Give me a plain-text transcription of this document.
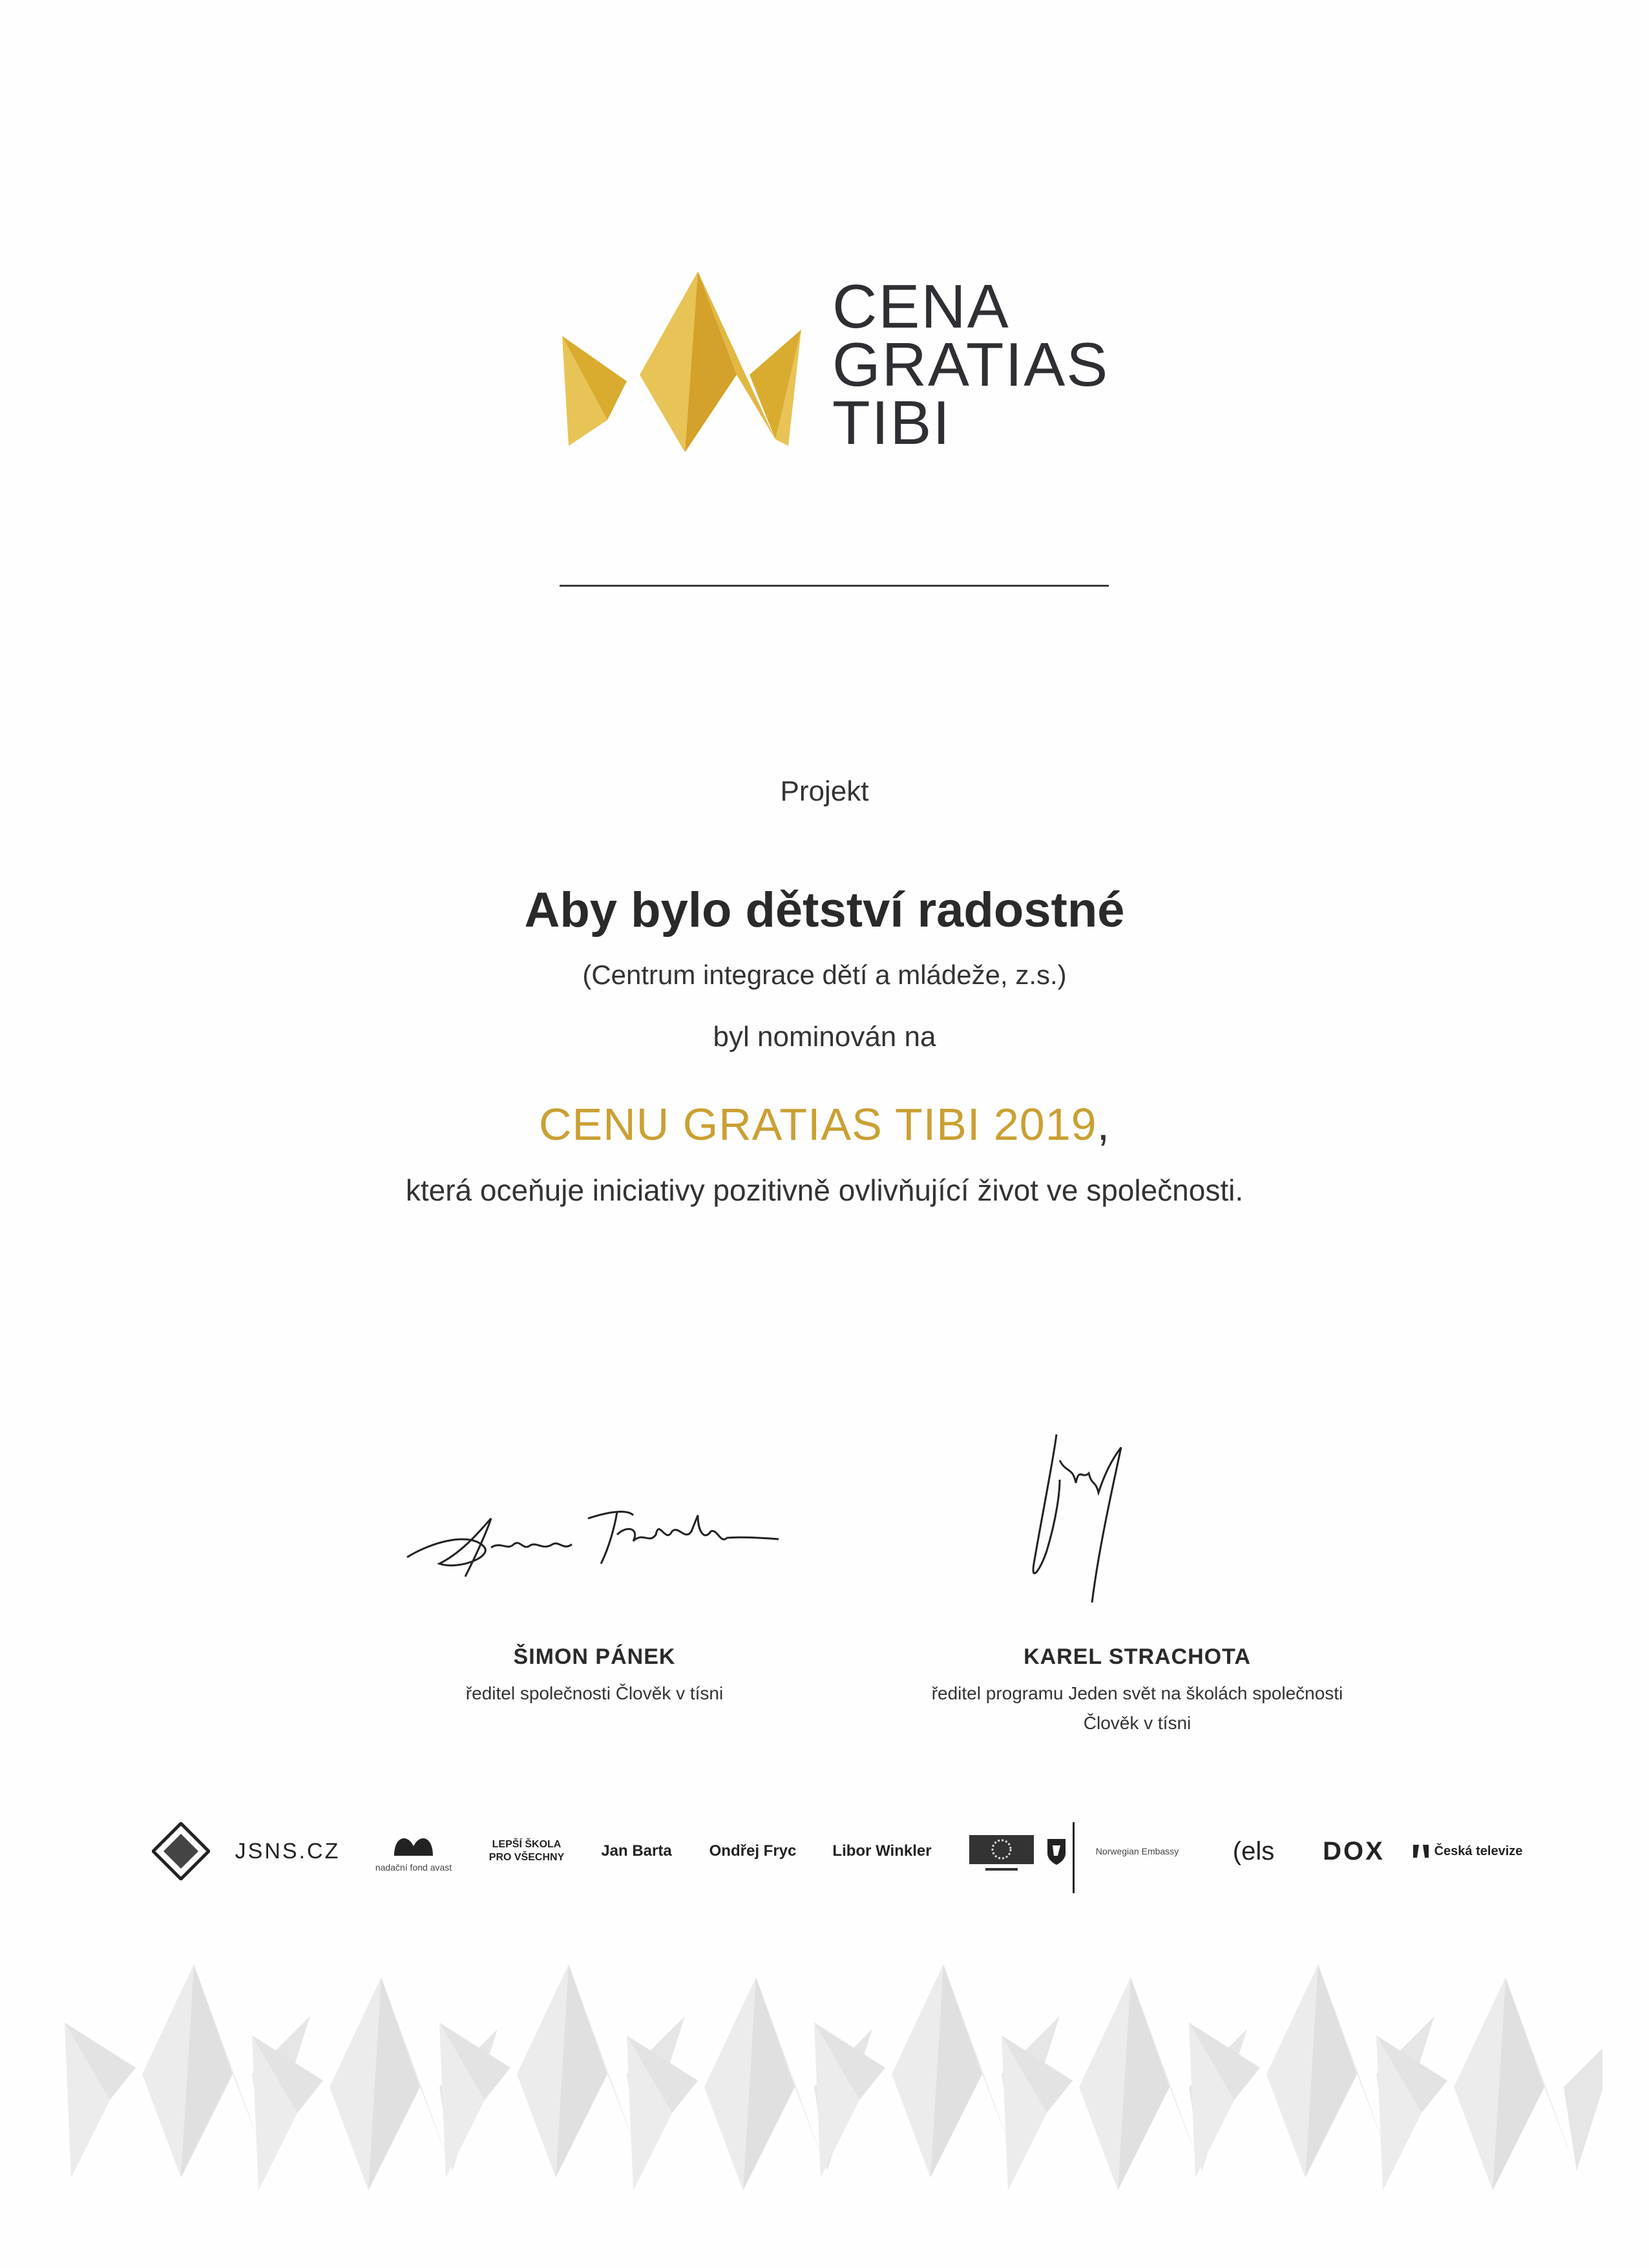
CENA
GRATIAS
TIBI
Projekt
Aby bylo dětství radostné
(Centrum integrace dětí a mládeže, z.s.)
byl nominován na
CENU GRATIAS TIBI 2019,
která oceňuje iniciativy pozitivně ovlivňující život ve společnosti.
ŠIMON PÁNEK
ředitel společnosti Člověk v tísni
KAREL STRACHOTA
ředitel programu Jeden svět na školách společnosti
Člověk v tísni
JSNS.CZ
nadační fond avast
LEPŠÍ ŠKOLA
PRO VŠECHNY	Jan Barta	Ondřej Fryc	Libor Winkler	Norwegian Embassy	( els	DOX	Česká televize
